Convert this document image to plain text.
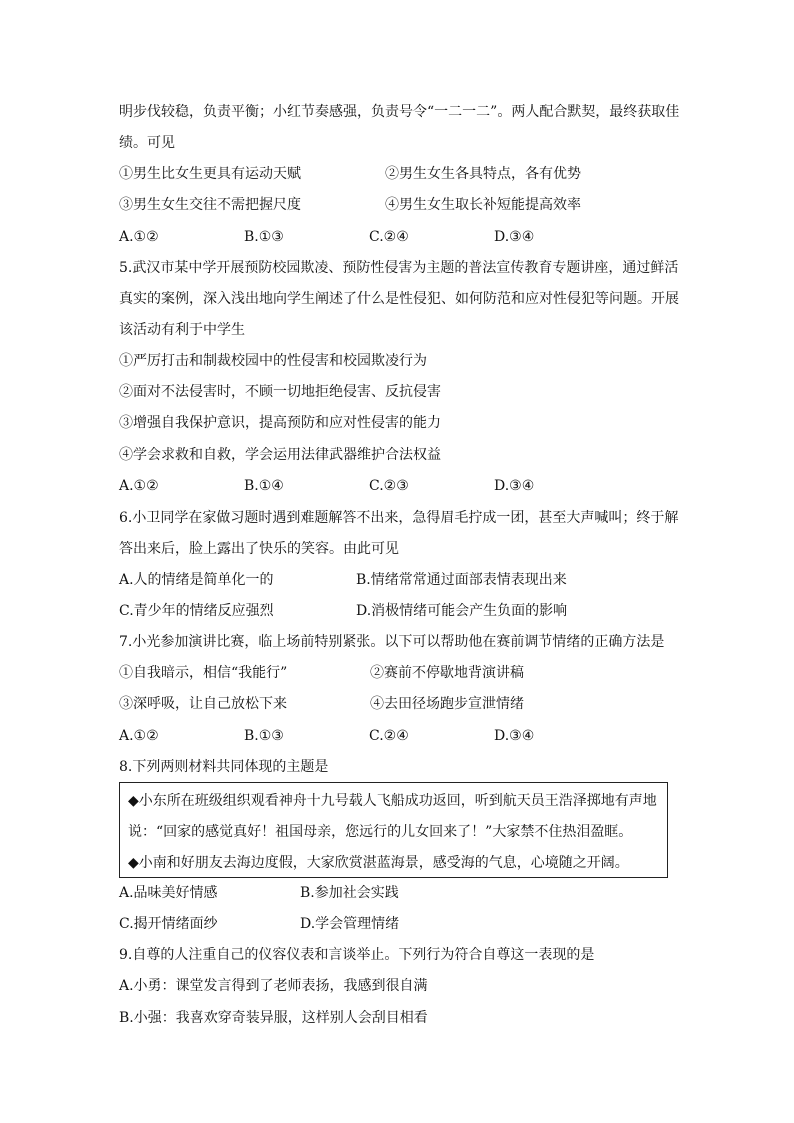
明步伐较稳，负责平衡；小红节奏感强，负责号令“一二一二”。两人配合默契，最终获取佳
绩。可见
①男生比女生更具有运动天赋	②男生女生各具特点，各有优势
③男生女生交往不需把握尺度	④男生女生取长补短能提高效率
A.①②	B.①③	C.②④	D.③④
5.武汉市某中学开展预防校园欺凌、预防性侵害为主题的普法宣传教育专题讲座，通过鲜活
真实的案例，深入浅出地向学生阐述了什么是性侵犯、如何防范和应对性侵犯等问题。开展
该活动有利于中学生
①严厉打击和制裁校园中的性侵害和校园欺凌行为
②面对不法侵害时，不顾一切地拒绝侵害、反抗侵害
③增强自我保护意识，提高预防和应对性侵害的能力
④学会求救和自救，学会运用法律武器维护合法权益
A.①②	B.①④	C.②③	D.③④
6.小卫同学在家做习题时遇到难题解答不出来，急得眉毛拧成一团，甚至大声喊叫；终于解
答出来后，脸上露出了快乐的笑容。由此可见
A.人的情绪是简单化一的	B.情绪常常通过面部表情表现出来
C.青少年的情绪反应强烈	D.消极情绪可能会产生负面的影响
7.小光参加演讲比赛，临上场前特别紧张。以下可以帮助他在赛前调节情绪的正确方法是
①自我暗示，相信“我能行”	②赛前不停歇地背演讲稿
③深呼吸，让自己放松下来	④去田径场跑步宣泄情绪
A.①②	B.①③	C.②④	D.③④
8.下列两则材料共同体现的主题是
◆小东所在班级组织观看神舟十九号载人飞船成功返回，听到航天员王浩泽掷地有声地
说：“回家的感觉真好！祖国母亲，您远行的儿女回来了！”大家禁不住热泪盈眶。
◆小南和好朋友去海边度假，大家欣赏湛蓝海景，感受海的气息，心境随之开阔。
A.品味美好情感	B.参加社会实践
C.揭开情绪面纱	D.学会管理情绪
9.自尊的人注重自己的仪容仪表和言谈举止。下列行为符合自尊这一表现的是
A.小勇：课堂发言得到了老师表扬，我感到很自满
B.小强：我喜欢穿奇装异服，这样别人会刮目相看
